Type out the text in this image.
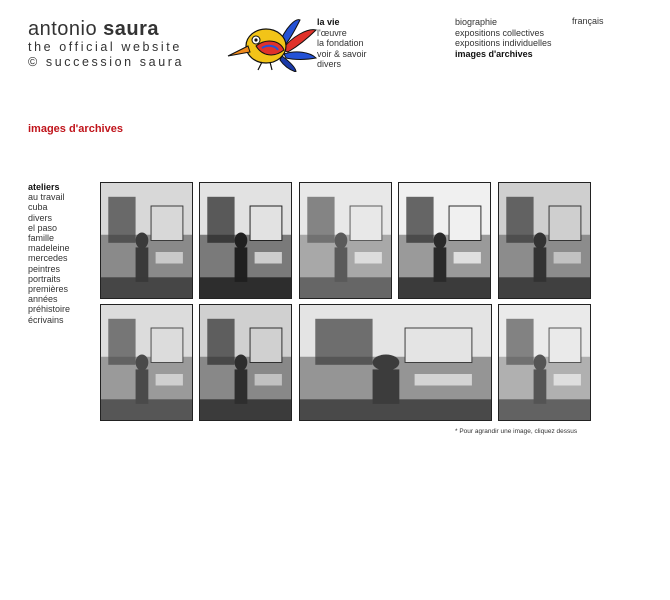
antonio saura
the official website
© succession saura
la vie
l'œuvre
la fondation
voir & savoir
divers
biographie
expositions collectives
expositions individuelles
images d'archives
français
images d'archives
ateliers
au travail
cuba
divers
el paso
famille
madeleine
mercedes
peintres
portraits
premières
années
préhistoire
écrivains
* Pour agrandir une image, cliquez dessus
